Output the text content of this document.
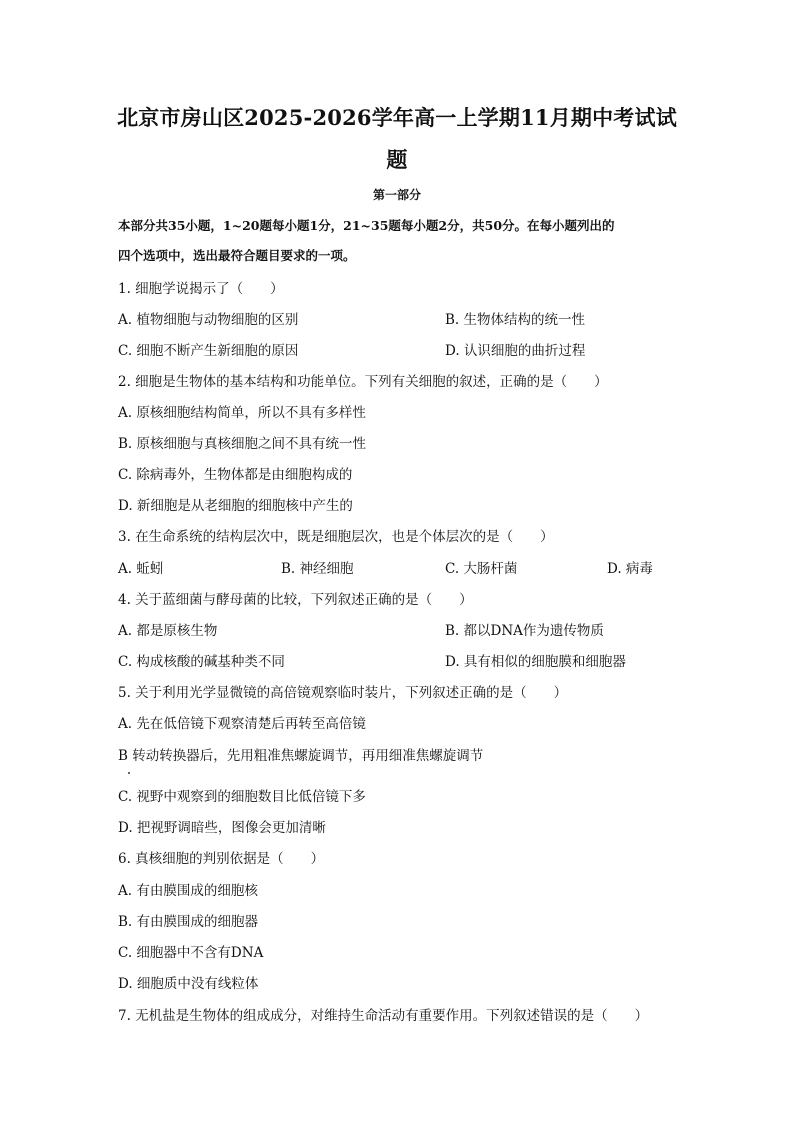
北京市房山区2025-2026学年高一上学期11月期中考试试
题
第一部分
本部分共35小题，1~20题每小题1分，21~35题每小题2分，共50分。在每小题列出的
四个选项中，选出最符合题目要求的一项。
1. 细胞学说揭示了（　　）
A. 植物细胞与动物细胞的区别	B. 生物体结构的统一性
C. 细胞不断产生新细胞的原因	D. 认识细胞的曲折过程
2. 细胞是生物体的基本结构和功能单位。下列有关细胞的叙述，正确的是（　　）
A. 原核细胞结构简单，所以不具有多样性
B. 原核细胞与真核细胞之间不具有统一性
C. 除病毒外，生物体都是由细胞构成的
D. 新细胞是从老细胞的细胞核中产生的
3. 在生命系统的结构层次中，既是细胞层次，也是个体层次的是（　　）
A. 蚯蚓	B. 神经细胞	C. 大肠杆菌	D. 病毒
4. 关于蓝细菌与酵母菌的比较，下列叙述正确的是（　　）
A. 都是原核生物	B. 都以DNA作为遗传物质
C. 构成核酸的碱基种类不同	D. 具有相似的细胞膜和细胞器
5. 关于利用光学显微镜的高倍镜观察临时装片，下列叙述正确的是（　　）
A. 先在低倍镜下观察清楚后再转至高倍镜
B 转动转换器后，先用粗准焦螺旋调节，再用细准焦螺旋调节
C. 视野中观察到的细胞数目比低倍镜下多
D. 把视野调暗些，图像会更加清晰
6. 真核细胞的判别依据是（　　）
A. 有由膜围成的细胞核
B. 有由膜围成的细胞器
C. 细胞器中不含有DNA
D. 细胞质中没有线粒体
7. 无机盐是生物体的组成成分，对维持生命活动有重要作用。下列叙述错误的是（　　）
